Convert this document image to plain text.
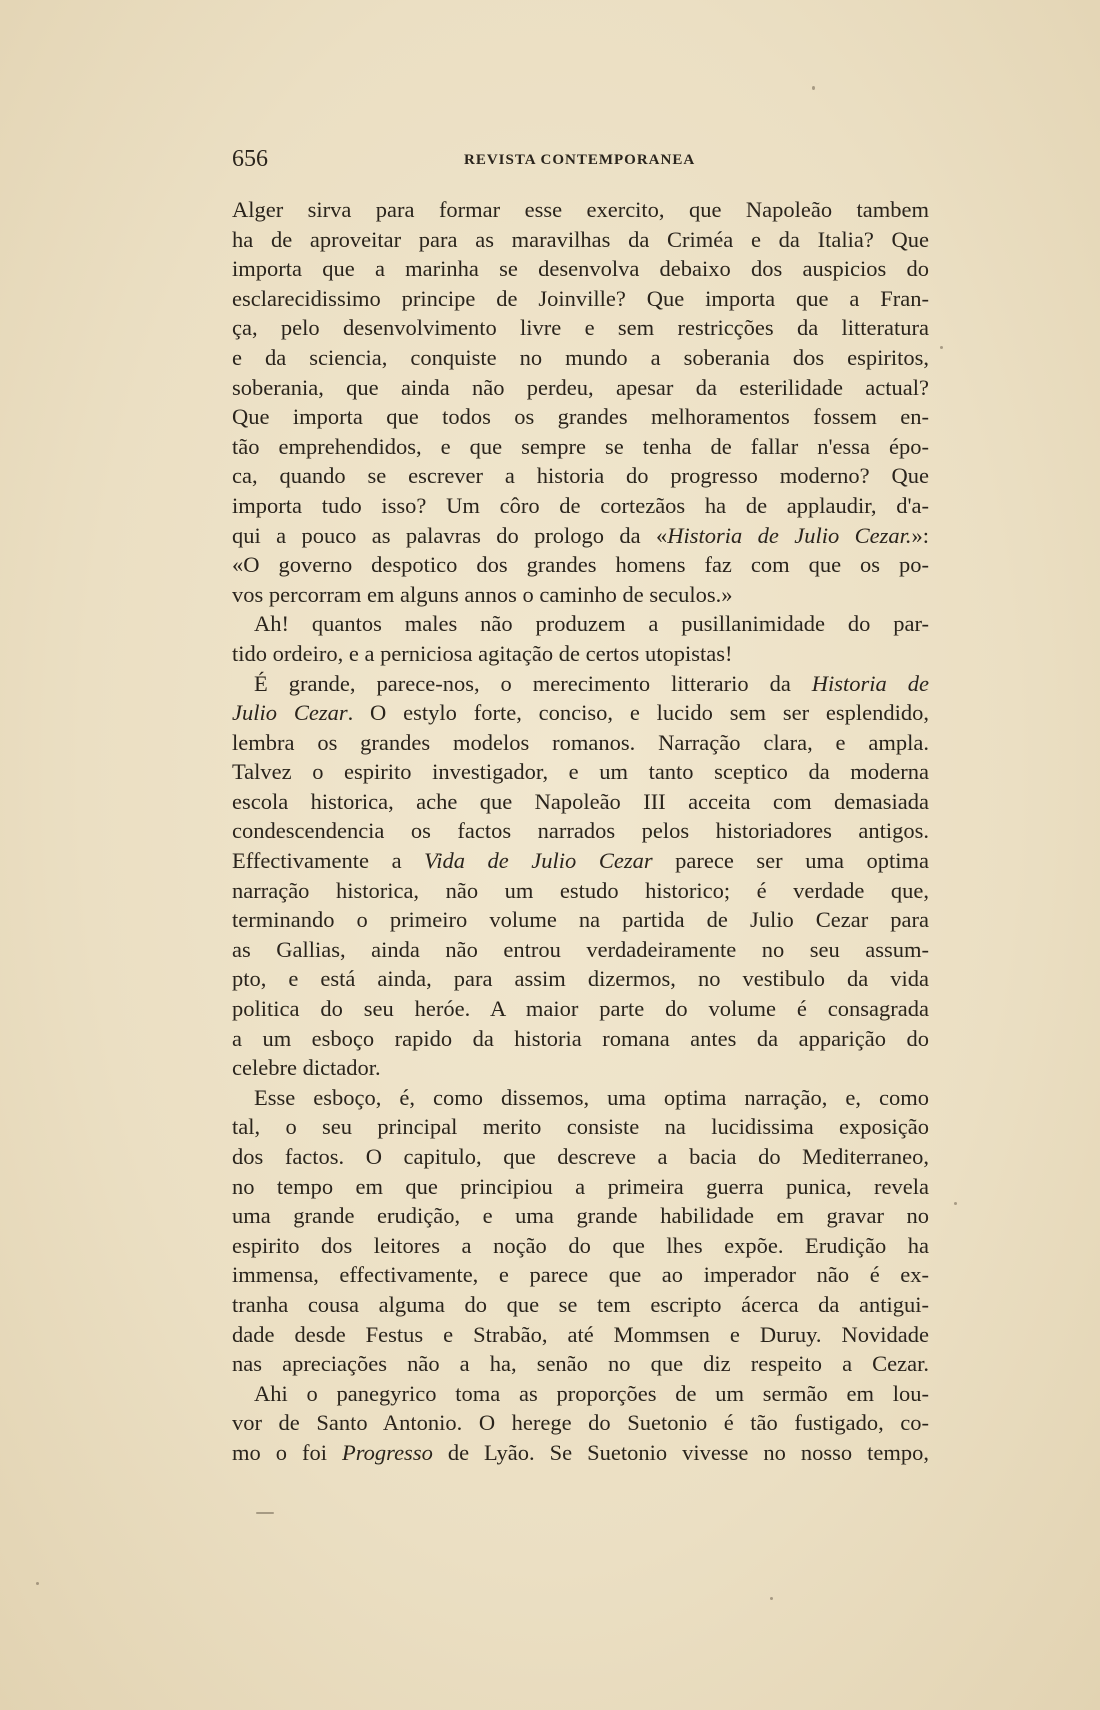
656	REVISTA CONTEMPORANEA
Alger sirva para formar esse exercito, que Napoleão tambem
ha de aproveitar para as maravilhas da Criméa e da Italia? Que
importa que a marinha se desenvolva debaixo dos auspicios do
esclarecidissimo principe de Joinville? Que importa que a Fran-
ça, pelo desenvolvimento livre e sem restricções da litteratura
e da sciencia, conquiste no mundo a soberania dos espiritos,
soberania, que ainda não perdeu, apesar da esterilidade actual?
Que importa que todos os grandes melhoramentos fossem en-
tão emprehendidos, e que sempre se tenha de fallar n'essa épo-
ca, quando se escrever a historia do progresso moderno? Que
importa tudo isso? Um côro de cortezãos ha de applaudir, d'a-
qui a pouco as palavras do prologo da «Historia de Julio Cezar.»:
«O governo despotico dos grandes homens faz com que os po-
vos percorram em alguns annos o caminho de seculos.»
Ah! quantos males não produzem a pusillanimidade do par-
tido ordeiro, e a perniciosa agitação de certos utopistas!
É grande, parece-nos, o merecimento litterario da Historia de
Julio Cezar. O estylo forte, conciso, e lucido sem ser esplendido,
lembra os grandes modelos romanos. Narração clara, e ampla.
Talvez o espirito investigador, e um tanto sceptico da moderna
escola historica, ache que Napoleão III acceita com demasiada
condescendencia os factos narrados pelos historiadores antigos.
Effectivamente a Vida de Julio Cezar parece ser uma optima
narração historica, não um estudo historico; é verdade que,
terminando o primeiro volume na partida de Julio Cezar para
as Gallias, ainda não entrou verdadeiramente no seu assum-
pto, e está ainda, para assim dizermos, no vestibulo da vida
politica do seu heróe. A maior parte do volume é consagrada
a um esboço rapido da historia romana antes da apparição do
celebre dictador.
Esse esboço, é, como dissemos, uma optima narração, e, como
tal, o seu principal merito consiste na lucidissima exposição
dos factos. O capitulo, que descreve a bacia do Mediterraneo,
no tempo em que principiou a primeira guerra punica, revela
uma grande erudição, e uma grande habilidade em gravar no
espirito dos leitores a noção do que lhes expõe. Erudição ha
immensa, effectivamente, e parece que ao imperador não é ex-
tranha cousa alguma do que se tem escripto ácerca da antigui-
dade desde Festus e Strabão, até Mommsen e Duruy. Novidade
nas apreciações não a ha, senão no que diz respeito a Cezar.
Ahi o panegyrico toma as proporções de um sermão em lou-
vor de Santo Antonio. O herege do Suetonio é tão fustigado, co-
mo o foi Progresso de Lyão. Se Suetonio vivesse no nosso tempo,
